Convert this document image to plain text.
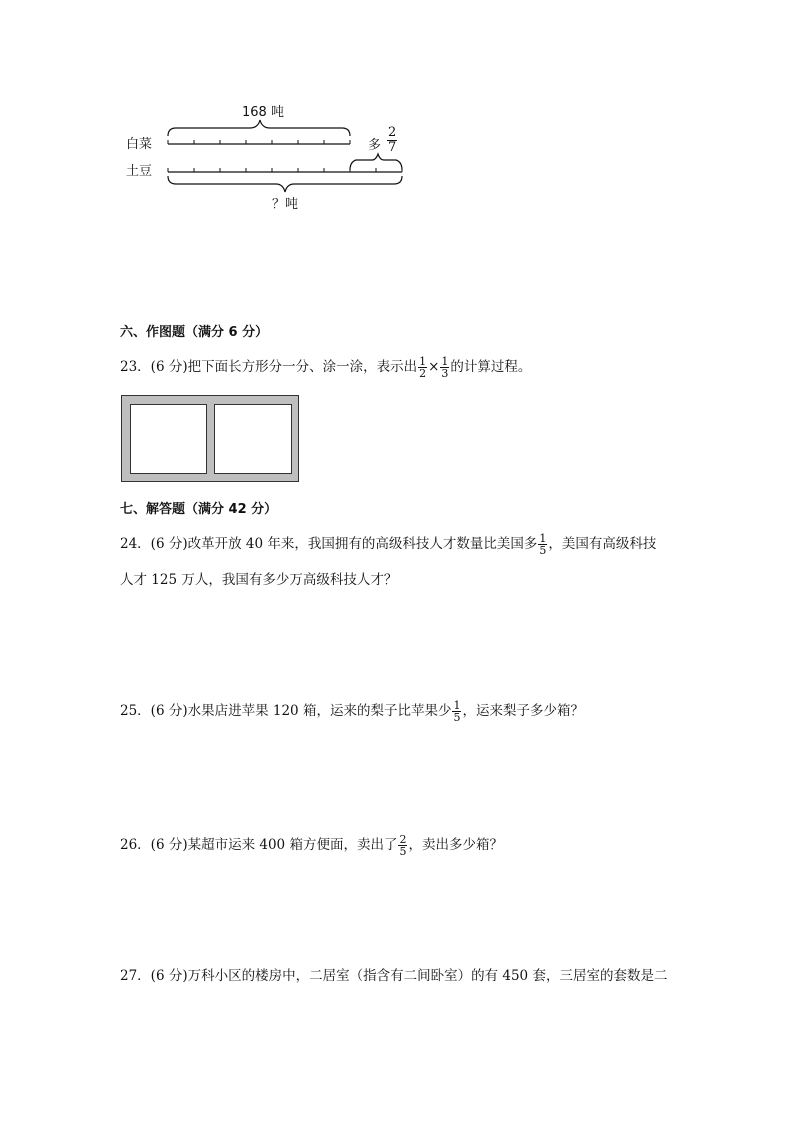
168 吨
白菜
土豆
多 $\frac{2}{7}$
？吨
六、作图题（满分 6 分）
23．(6 分)把下面长方形分一分、涂一涂，表示出 $\frac{1}{2} \times \frac{1}{3}$ 的计算过程。
七、解答题（满分 42 分）
24．(6 分)改革开放 40 年来，我国拥有的高级科技人才数量比美国多 $\frac{1}{5}$ ，美国有高级科技
人才 125 万人，我国有多少万高级科技人才？
25．(6 分)水果店进苹果 120 箱，运来的梨子比苹果少 $\frac{1}{5}$ ，运来梨子多少箱？
26．(6 分)某超市运来 400 箱方便面，卖出了 $\frac{2}{5}$ ，卖出多少箱？
27．(6 分)万科小区的楼房中，二居室（指含有二间卧室）的有 450 套，三居室的套数是二
